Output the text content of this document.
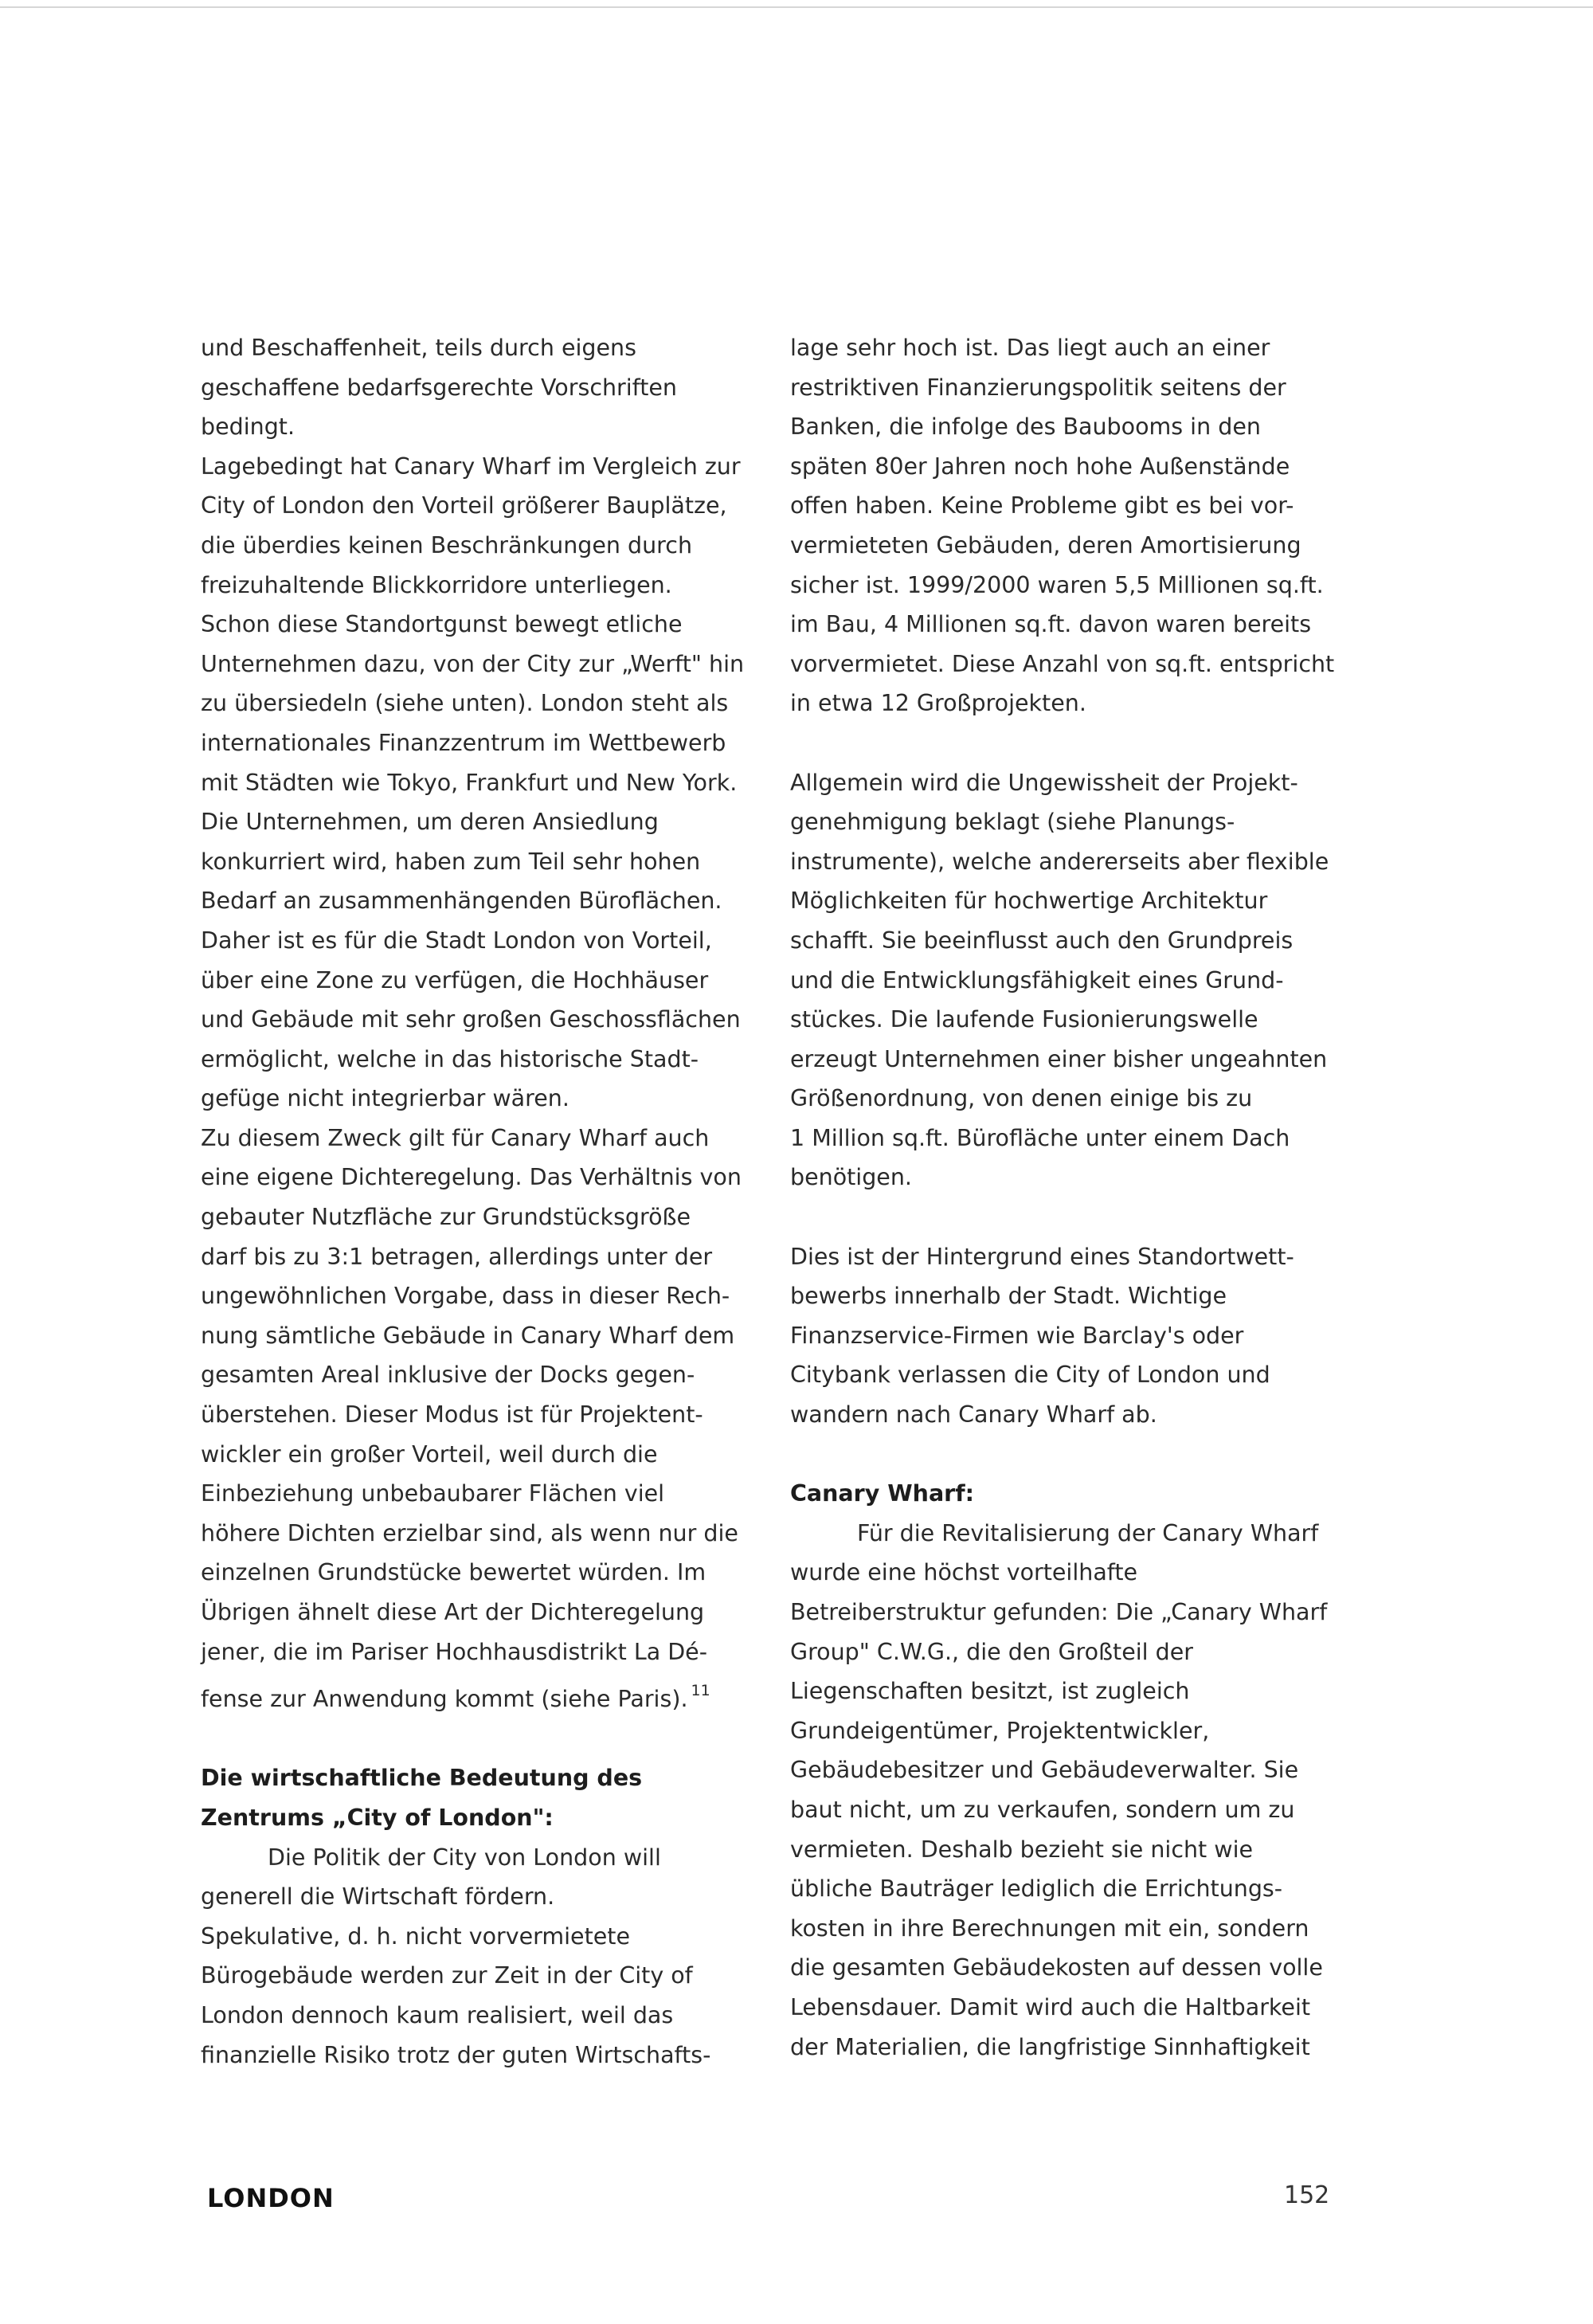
und Beschaffenheit, teils durch eigens

geschaffene bedarfsgerechte Vorschriften

bedingt.

Lagebedingt hat Canary Wharf im Vergleich zur

City of London den Vorteil größerer Bauplätze,

die überdies keinen Beschränkungen durch

freizuhaltende Blickkorridore unterliegen.

Schon diese Standortgunst bewegt etliche

Unternehmen dazu, von der City zur „Werft" hin

zu übersiedeln (siehe unten). London steht als

internationales Finanzzentrum im Wettbewerb

mit Städten wie Tokyo, Frankfurt und New York.

Die Unternehmen, um deren Ansiedlung

konkurriert wird, haben zum Teil sehr hohen

Bedarf an zusammenhängenden Büroflächen.

Daher ist es für die Stadt London von Vorteil,

über eine Zone zu verfügen, die Hochhäuser

und Gebäude mit sehr großen Geschossflächen

ermöglicht, welche in das historische Stadt-

gefüge nicht integrierbar wären.

Zu diesem Zweck gilt für Canary Wharf auch

eine eigene Dichteregelung. Das Verhältnis von

gebauter Nutzfläche zur Grundstücksgröße

darf bis zu 3:1 betragen, allerdings unter der

ungewöhnlichen Vorgabe, dass in dieser Rech-

nung sämtliche Gebäude in Canary Wharf dem

gesamten Areal inklusive der Docks gegen-

überstehen. Dieser Modus ist für Projektent-

wickler ein großer Vorteil, weil durch die

Einbeziehung unbebaubarer Flächen viel

höhere Dichten erzielbar sind, als wenn nur die

einzelnen Grundstücke bewertet würden. Im

Übrigen ähnelt diese Art der Dichteregelung

jener, die im Pariser Hochhausdistrikt La Dé-

fense zur Anwendung kommt (siehe Paris). $^{11}$

Die wirtschaftliche Bedeutung des

Zentrums „City of London":

Die Politik der City von London will

generell die Wirtschaft fördern.

Spekulative, d. h. nicht vorvermietete

Bürogebäude werden zur Zeit in der City of

London dennoch kaum realisiert, weil das

finanzielle Risiko trotz der guten Wirtschafts-

lage sehr hoch ist. Das liegt auch an einer

restriktiven Finanzierungspolitik seitens der

Banken, die infolge des Baubooms in den

späten 80er Jahren noch hohe Außenstände

offen haben. Keine Probleme gibt es bei vor-

vermieteten Gebäuden, deren Amortisierung

sicher ist. 1999/2000 waren 5,5 Millionen sq.ft.

im Bau, 4 Millionen sq.ft. davon waren bereits

vorvermietet. Diese Anzahl von sq.ft. entspricht

in etwa 12 Großprojekten.

Allgemein wird die Ungewissheit der Projekt-

genehmigung beklagt (siehe Planungs-

instrumente), welche andererseits aber flexible

Möglichkeiten für hochwertige Architektur

schafft. Sie beeinflusst auch den Grundpreis

und die Entwicklungsfähigkeit eines Grund-

stückes. Die laufende Fusionierungswelle

erzeugt Unternehmen einer bisher ungeahnten

Größenordnung, von denen einige bis zu

1 Million sq.ft. Bürofläche unter einem Dach

benötigen.

Dies ist der Hintergrund eines Standortwett-

bewerbs innerhalb der Stadt. Wichtige

Finanzservice-Firmen wie Barclay's oder

Citybank verlassen die City of London und

wandern nach Canary Wharf ab.

Canary Wharf:

Für die Revitalisierung der Canary Wharf

wurde eine höchst vorteilhafte

Betreiberstruktur gefunden: Die „Canary Wharf

Group" C.W.G., die den Großteil der

Liegenschaften besitzt, ist zugleich

Grundeigentümer, Projektentwickler,

Gebäudebesitzer und Gebäudeverwalter. Sie

baut nicht, um zu verkaufen, sondern um zu

vermieten. Deshalb bezieht sie nicht wie

übliche Bauträger lediglich die Errichtungs-

kosten in ihre Berechnungen mit ein, sondern

die gesamten Gebäudekosten auf dessen volle

Lebensdauer. Damit wird auch die Haltbarkeit

der Materialien, die langfristige Sinnhaftigkeit

LONDON	152
